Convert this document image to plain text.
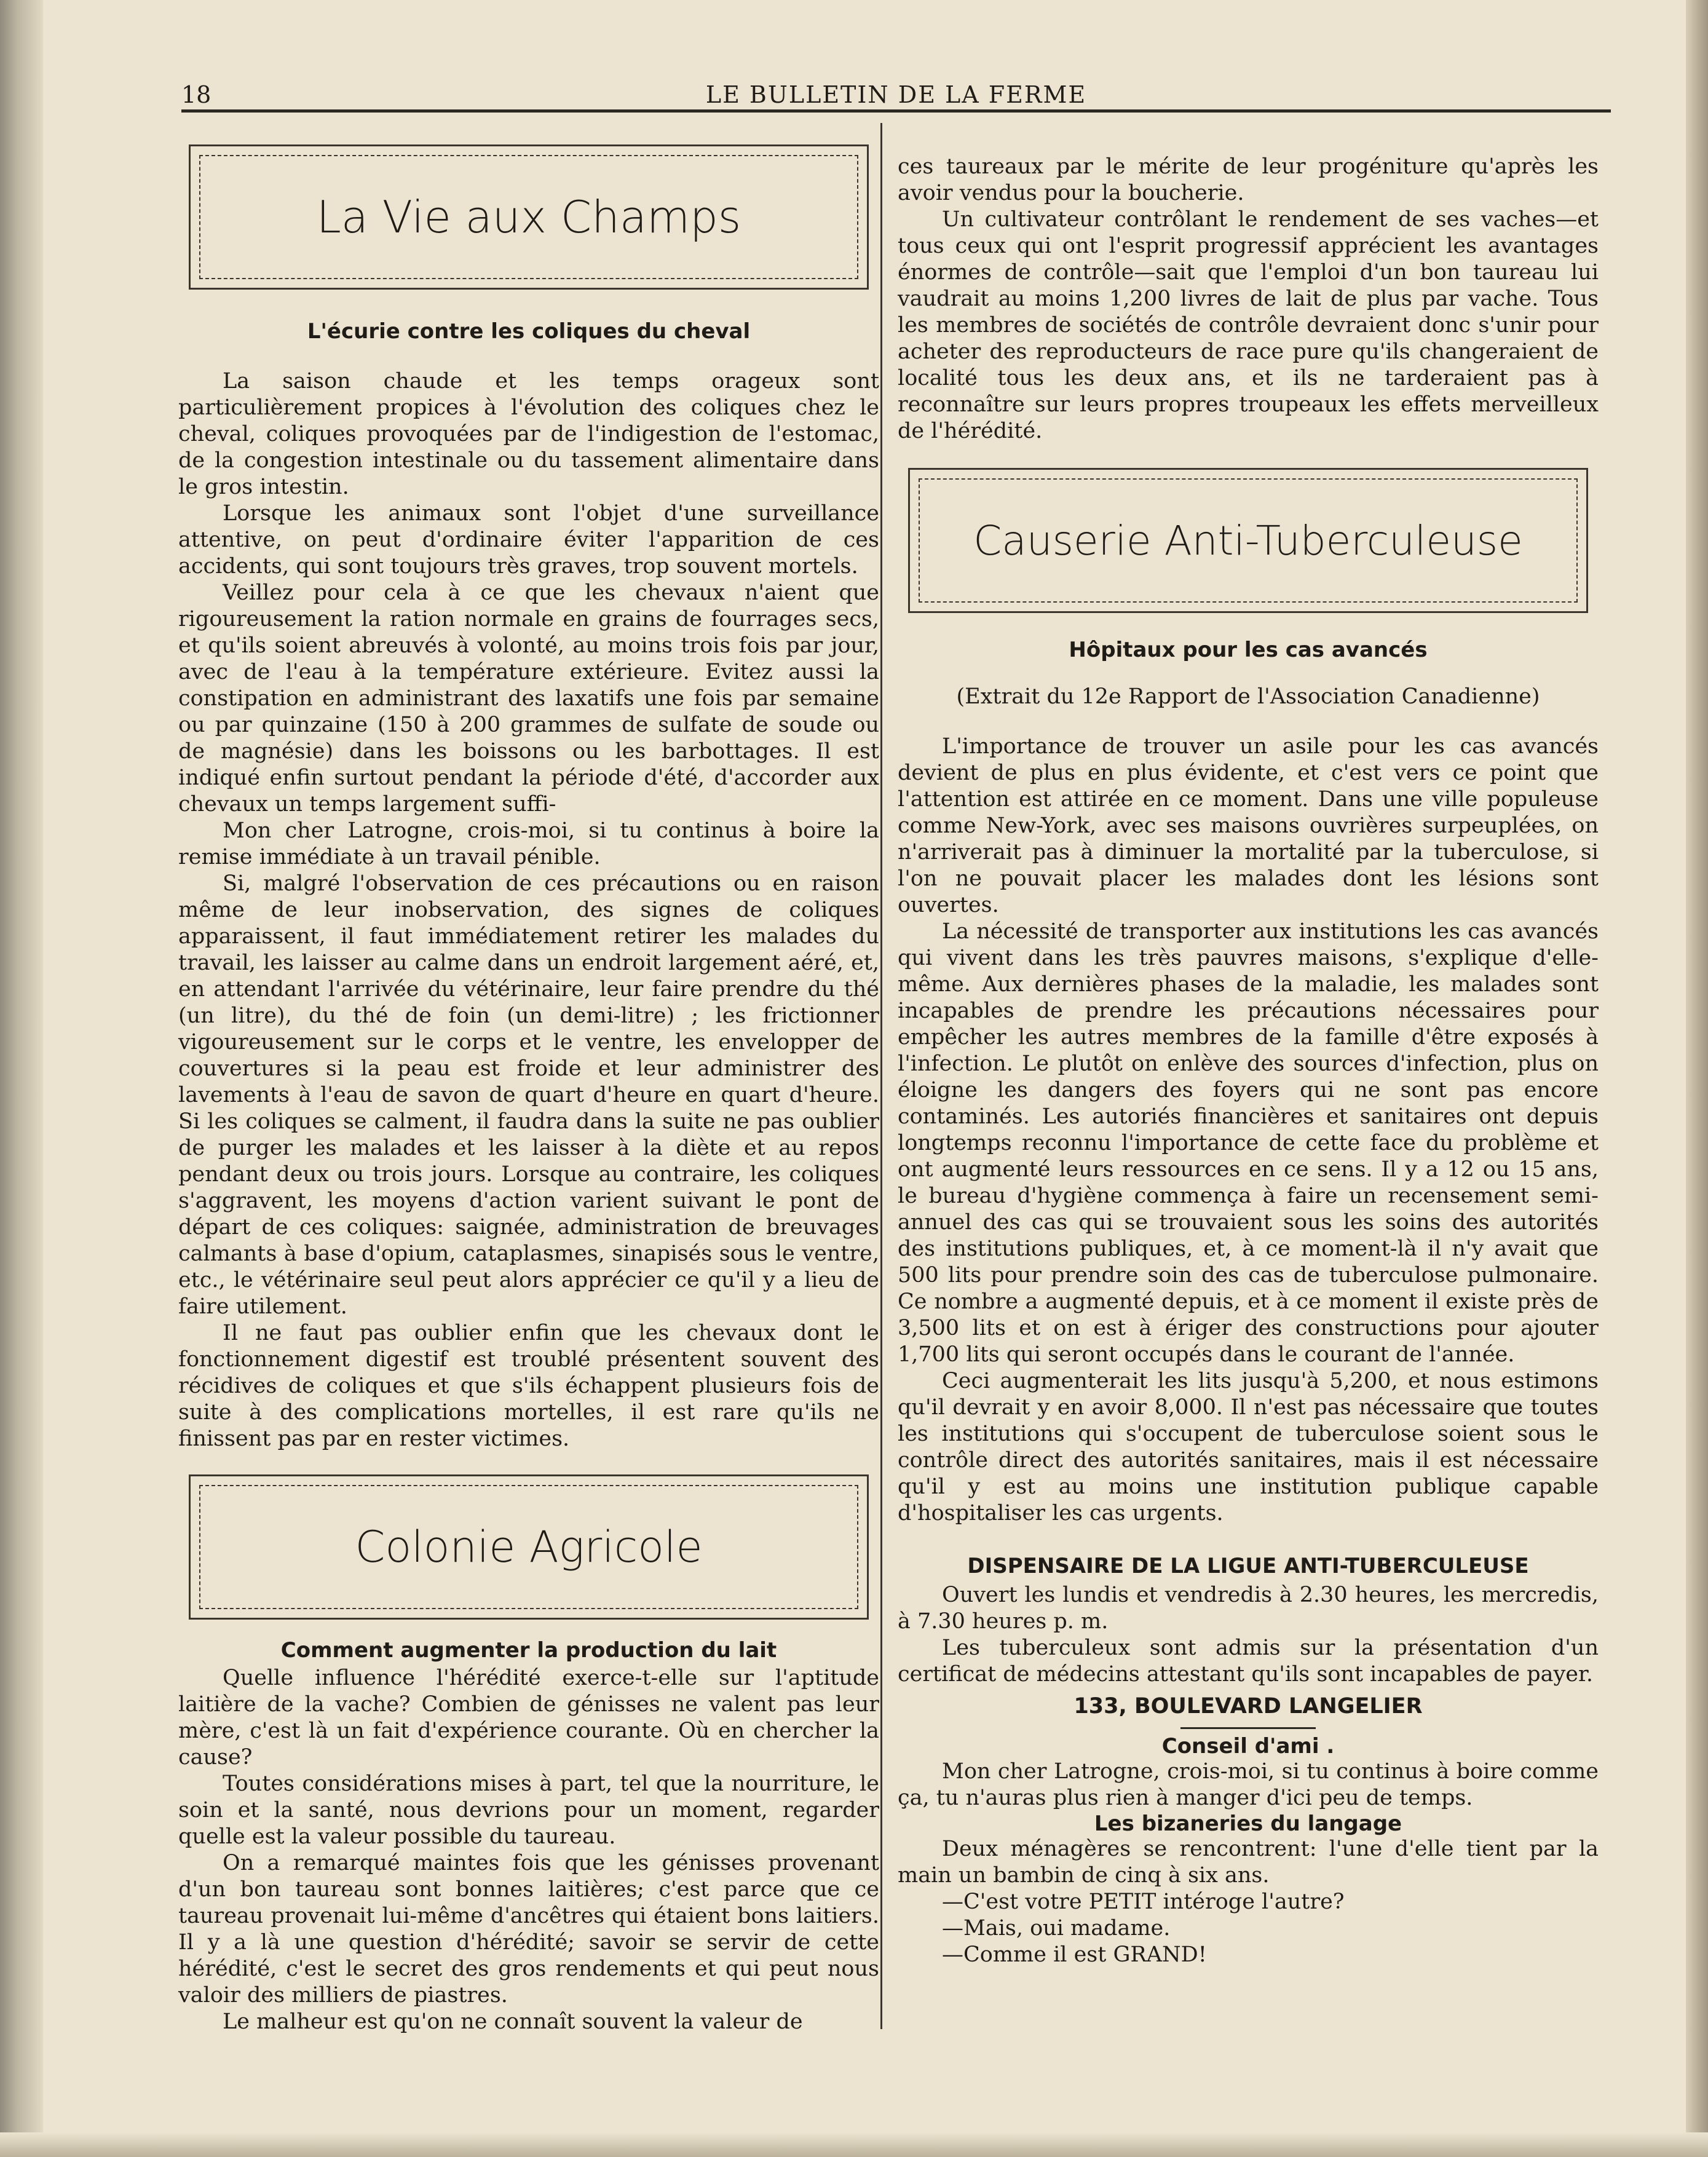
18	LE BULLETIN DE LA FERME
La Vie aux Champs

L'écurie contre les coliques du cheval

La saison chaude et les temps orageux sont particulièrement propices à l'évolution des coliques chez le cheval, coliques provoquées par de l'indigestion de l'estomac, de la congestion intestinale ou du tassement alimentaire dans le gros intestin.

Lorsque les animaux sont l'objet d'une surveillance attentive, on peut d'ordinaire éviter l'apparition de ces accidents, qui sont toujours très graves, trop souvent mortels.

Veillez pour cela à ce que les chevaux n'aient que rigoureusement la ration normale en grains de fourrages secs, et qu'ils soient abreuvés à volonté, au moins trois fois par jour, avec de l'eau à la température extérieure. Evitez aussi la constipation en administrant des laxatifs une fois par semaine ou par quinzaine (150 à 200 grammes de sulfate de soude ou de magnésie) dans les boissons ou les barbottages. Il est indiqué enfin surtout pendant la période d'été, d'accorder aux chevaux un temps largement suffi-

Mon cher Latrogne, crois-moi, si tu continus à boire la remise immédiate à un travail pénible.

Si, malgré l'observation de ces précautions ou en raison même de leur inobservation, des signes de coliques apparaissent, il faut immédiatement retirer les malades du travail, les laisser au calme dans un endroit largement aéré, et, en attendant l'arrivée du vétérinaire, leur faire prendre du thé (un litre), du thé de foin (un demi-litre) ; les frictionner vigoureusement sur le corps et le ventre, les envelopper de couvertures si la peau est froide et leur administrer des lavements à l'eau de savon de quart d'heure en quart d'heure. Si les coliques se calment, il faudra dans la suite ne pas oublier de purger les malades et les laisser à la diète et au repos pendant deux ou trois jours. Lorsque au contraire, les coliques s'aggravent, les moyens d'action varient suivant le pont de départ de ces coliques: saignée, administration de breuvages calmants à base d'opium, cataplasmes, sinapisés sous le ventre, etc., le vétérinaire seul peut alors apprécier ce qu'il y a lieu de faire utilement.

Il ne faut pas oublier enfin que les chevaux dont le fonctionnement digestif est troublé présentent souvent des récidives de coliques et que s'ils échappent plusieurs fois de suite à des complications mortelles, il est rare qu'ils ne finissent pas par en rester victimes.

Colonie Agricole

Comment augmenter la production du lait

Quelle influence l'hérédité exerce-t-elle sur l'aptitude laitière de la vache? Combien de génisses ne valent pas leur mère, c'est là un fait d'expérience courante. Où en chercher la cause?

Toutes considérations mises à part, tel que la nourriture, le soin et la santé, nous devrions pour un moment, regarder quelle est la valeur possible du taureau.

On a remarqué maintes fois que les génisses provenant d'un bon taureau sont bonnes laitières; c'est parce que ce taureau provenait lui-même d'ancêtres qui étaient bons laitiers. Il y a là une question d'hérédité; savoir se servir de cette hérédité, c'est le secret des gros rendements et qui peut nous valoir des milliers de piastres.

Le malheur est qu'on ne connaît souvent la valeur de

ces taureaux par le mérite de leur progéniture qu'après les avoir vendus pour la boucherie.

Un cultivateur contrôlant le rendement de ses vaches—et tous ceux qui ont l'esprit progressif apprécient les avantages énormes de contrôle—sait que l'emploi d'un bon taureau lui vaudrait au moins 1,200 livres de lait de plus par vache. Tous les membres de sociétés de contrôle devraient donc s'unir pour acheter des reproducteurs de race pure qu'ils changeraient de localité tous les deux ans, et ils ne tarderaient pas à reconnaître sur leurs propres troupeaux les effets merveilleux de l'hérédité.

Causerie Anti-Tuberculeuse

Hôpitaux pour les cas avancés

(Extrait du 12e Rapport de l'Association Canadienne)

L'importance de trouver un asile pour les cas avancés devient de plus en plus évidente, et c'est vers ce point que l'attention est attirée en ce moment. Dans une ville populeuse comme New-York, avec ses maisons ouvrières surpeuplées, on n'arriverait pas à diminuer la mortalité par la tuberculose, si l'on ne pouvait placer les malades dont les lésions sont ouvertes.

La nécessité de transporter aux institutions les cas avancés qui vivent dans les très pauvres maisons, s'explique d'elle-même. Aux dernières phases de la maladie, les malades sont incapables de prendre les précautions nécessaires pour empêcher les autres membres de la famille d'être exposés à l'infection. Le plutôt on enlève des sources d'infection, plus on éloigne les dangers des foyers qui ne sont pas encore contaminés. Les autoriés financières et sanitaires ont depuis longtemps reconnu l'importance de cette face du problème et ont augmenté leurs ressources en ce sens. Il y a 12 ou 15 ans, le bureau d'hygiène commença à faire un recensement semi-annuel des cas qui se trouvaient sous les soins des autorités des institutions publiques, et, à ce moment-là il n'y avait que 500 lits pour prendre soin des cas de tuberculose pulmonaire. Ce nombre a augmenté depuis, et à ce moment il existe près de 3,500 lits et on est à ériger des constructions pour ajouter 1,700 lits qui seront occupés dans le courant de l'année.

Ceci augmenterait les lits jusqu'à 5,200, et nous estimons qu'il devrait y en avoir 8,000. Il n'est pas nécessaire que toutes les institutions qui s'occupent de tuberculose soient sous le contrôle direct des autorités sanitaires, mais il est nécessaire qu'il y est au moins une institution publique capable d'hospitaliser les cas urgents.

DISPENSAIRE DE LA LIGUE ANTI-TUBERCULEUSE

Ouvert les lundis et vendredis à 2.30 heures, les mercredis, à 7.30 heures p. m.

Les tuberculeux sont admis sur la présentation d'un certificat de médecins attestant qu'ils sont incapables de payer.

133, BOULEVARD LANGELIER

Conseil d'ami .

Mon cher Latrogne, crois-moi, si tu continus à boire comme ça, tu n'auras plus rien à manger d'ici peu de temps.

Les bizaneries du langage

Deux ménagères se rencontrent: l'une d'elle tient par la main un bambin de cinq à six ans.

—C'est votre PETIT intéroge l'autre?

—Mais, oui madame.

—Comme il est GRAND!
